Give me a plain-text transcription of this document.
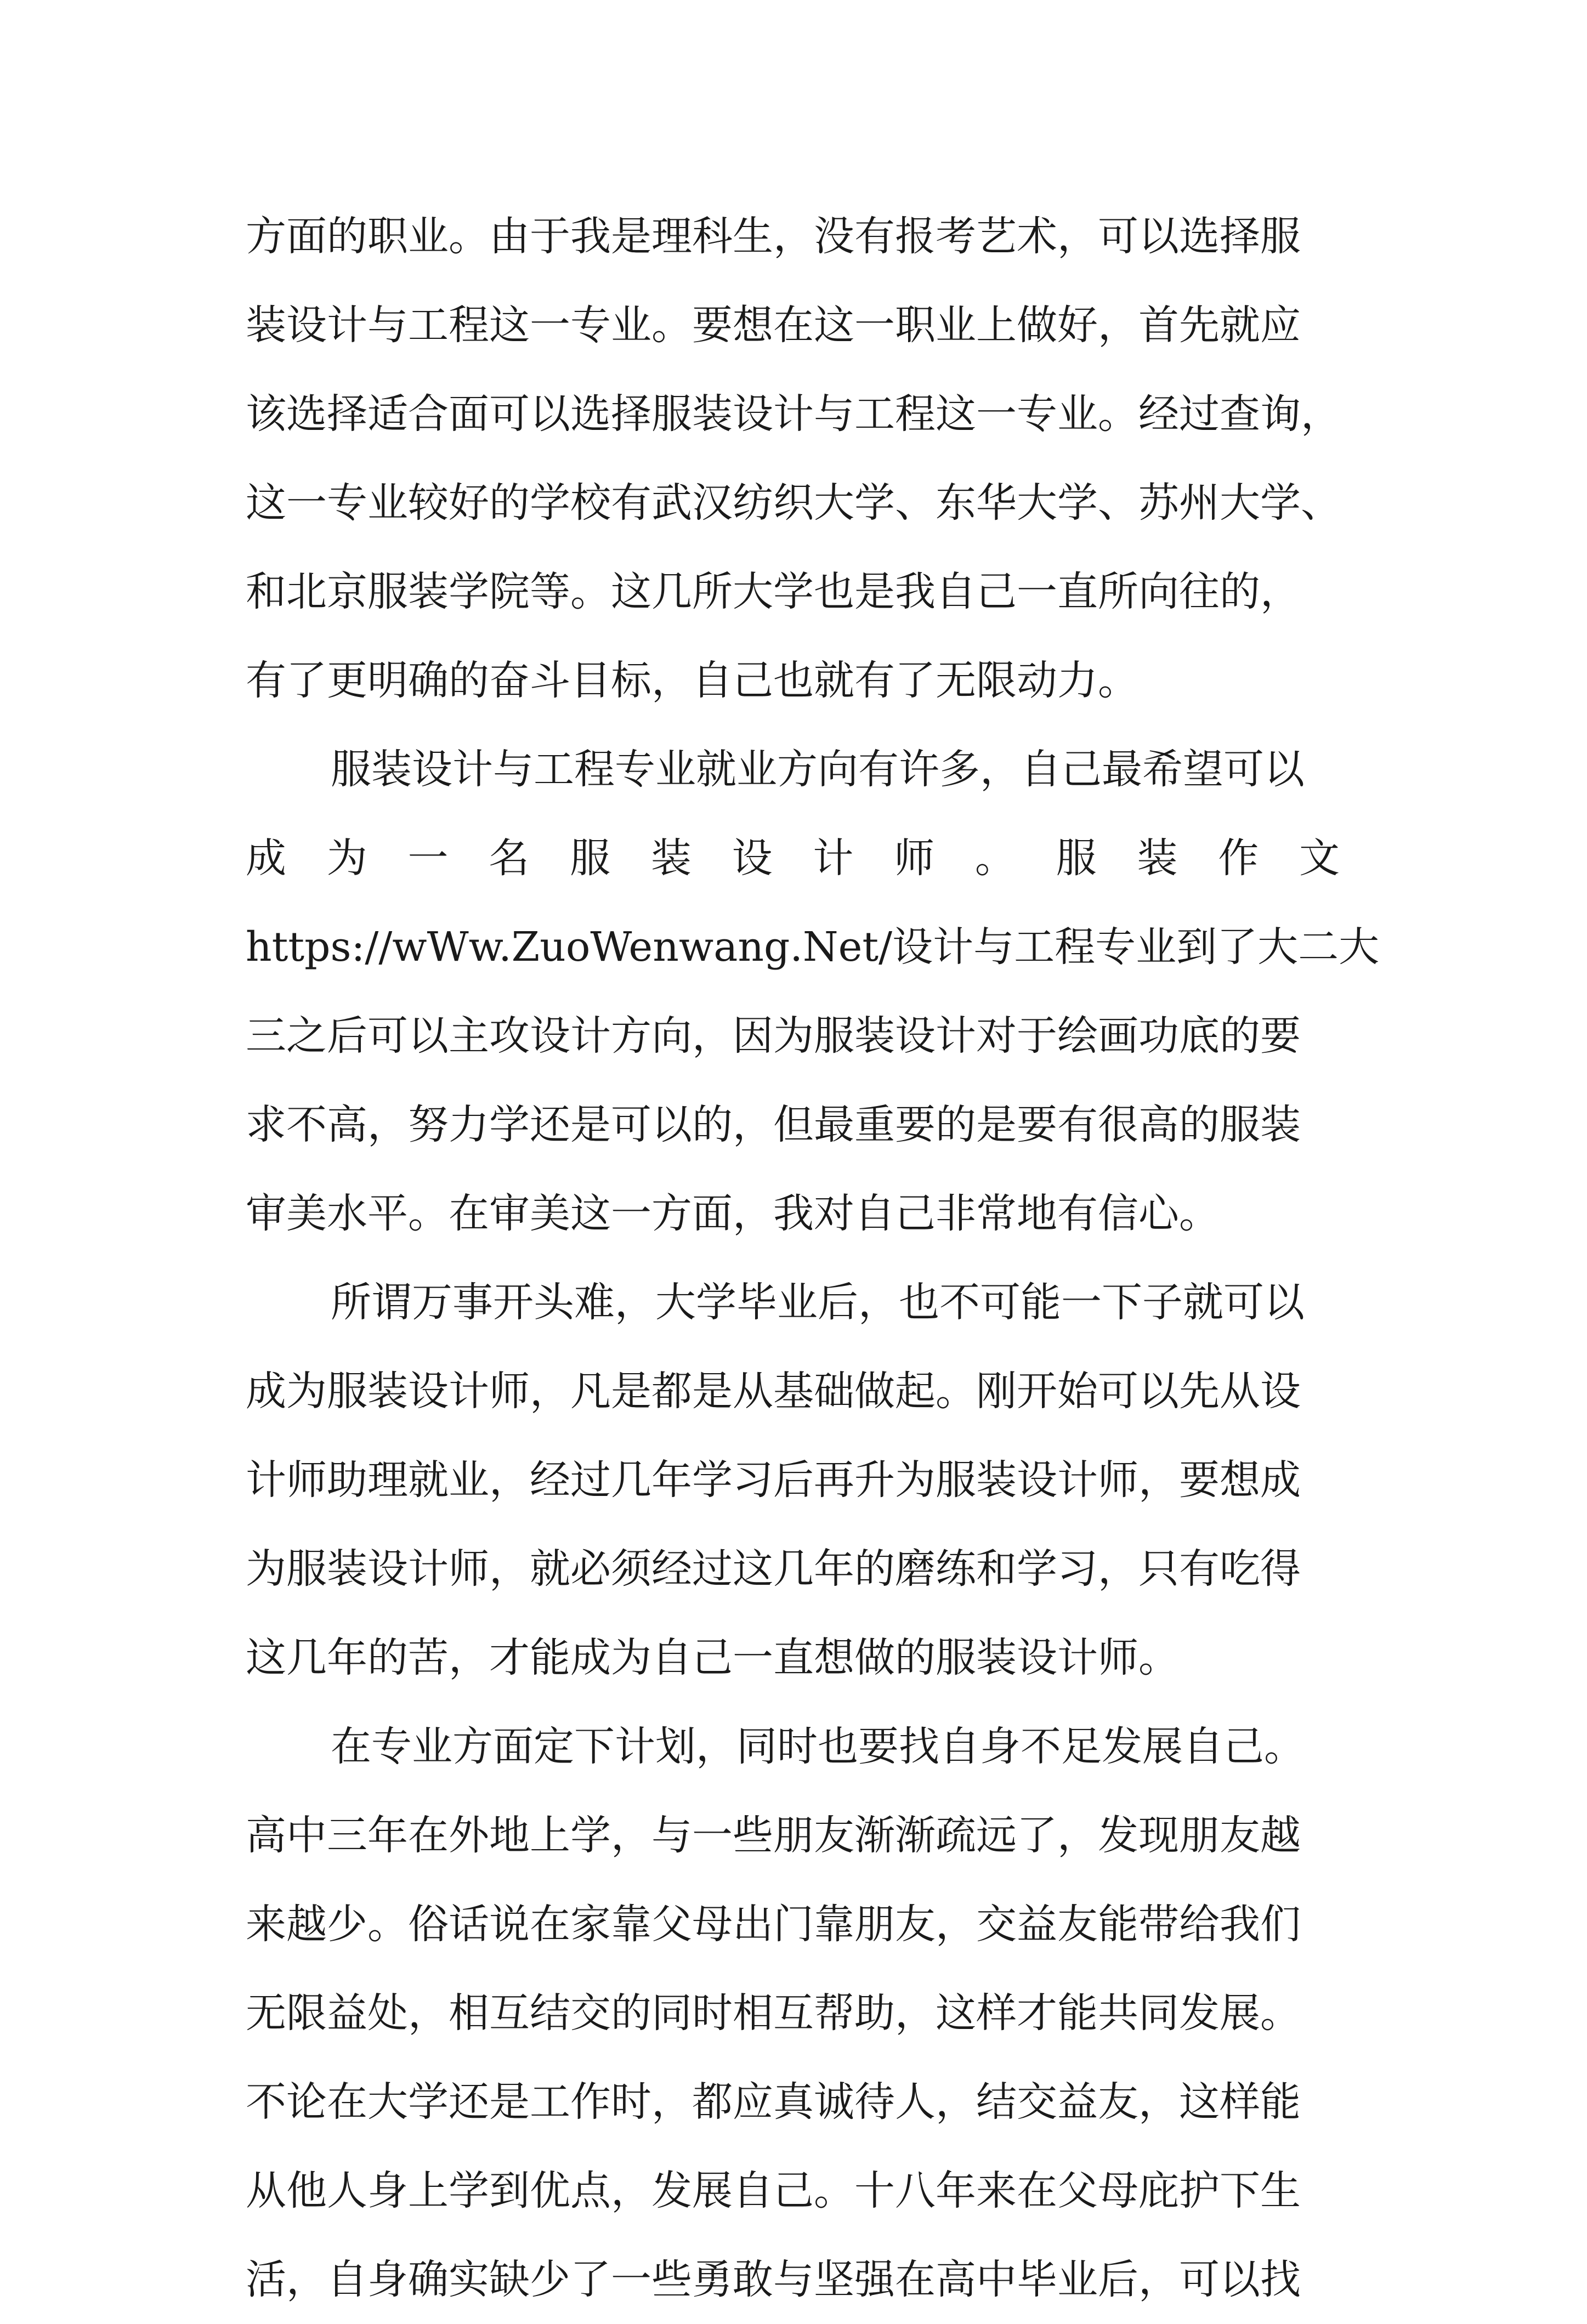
方面的职业。由于我是理科生，没有报考艺术，可以选择服
装设计与工程这一专业。要想在这一职业上做好，首先就应
该选择适合面可以选择服装设计与工程这一专业。经过查询，
这一专业较好的学校有武汉纺织大学、东华大学、苏州大学、
和北京服装学院等。这几所大学也是我自己一直所向往的，
有了更明确的奋斗目标，自己也就有了无限动力。
服装设计与工程专业就业方向有许多，自己最希望可以
成 为 一 名 服 装 设 计 师 。 服 装 作 文
https://wWw.ZuoWenwang.Net/设计与工程专业到了大二大
三之后可以主攻设计方向，因为服装设计对于绘画功底的要
求不高，努力学还是可以的，但最重要的是要有很高的服装
审美水平。在审美这一方面，我对自己非常地有信心。
所谓万事开头难，大学毕业后，也不可能一下子就可以
成为服装设计师，凡是都是从基础做起。刚开始可以先从设
计师助理就业，经过几年学习后再升为服装设计师，要想成
为服装设计师，就必须经过这几年的磨练和学习，只有吃得
这几年的苦，才能成为自己一直想做的服装设计师。
在专业方面定下计划，同时也要找自身不足发展自己。
高中三年在外地上学，与一些朋友渐渐疏远了，发现朋友越
来越少。俗话说在家靠父母出门靠朋友，交益友能带给我们
无限益处，相互结交的同时相互帮助，这样才能共同发展。
不论在大学还是工作时，都应真诚待人，结交益友，这样能
从他人身上学到优点，发展自己。十八年来在父母庇护下生
活，自身确实缺少了一些勇敢与坚强在高中毕业后，可以找
